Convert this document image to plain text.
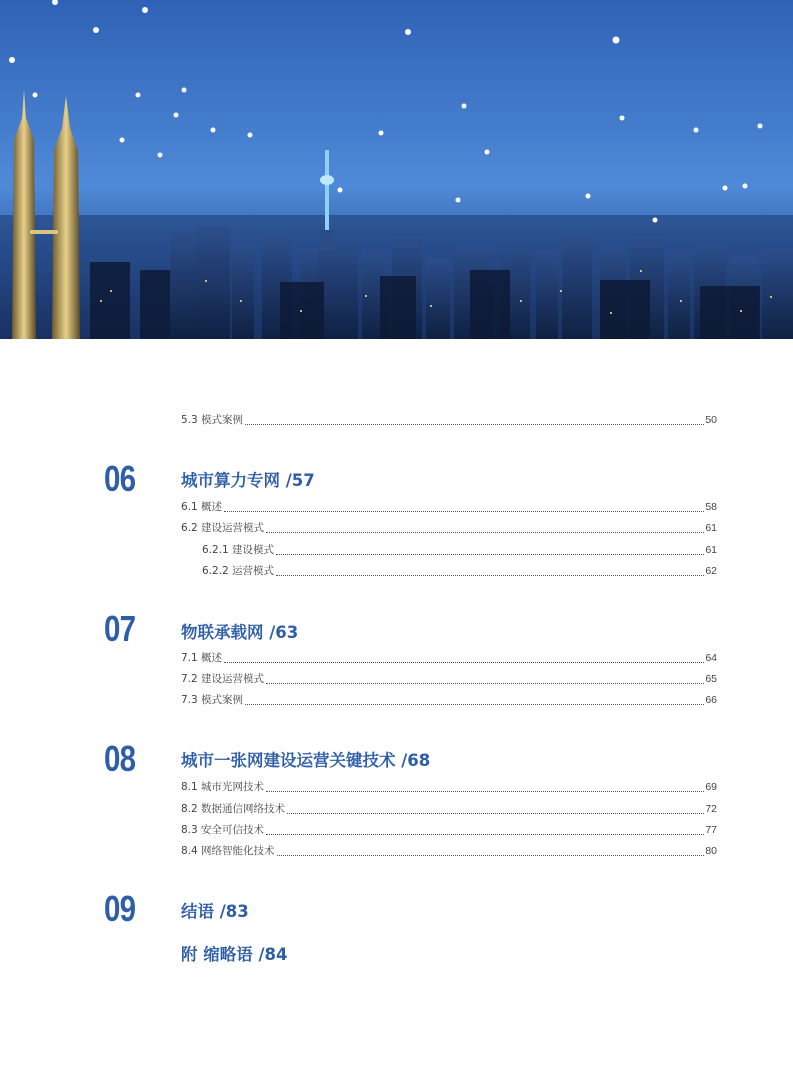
5.3 模式案例	50
06	城市算力专网 /57
6.1 概述	58
6.2 建设运营模式	61
6.2.1 建设模式	61
6.2.2 运营模式	62
07	物联承载网 /63
7.1 概述	64
7.2 建设运营模式	65
7.3 模式案例	66
08	城市一张网建设运营关键技术 /68
8.1 城市光网技术	69
8.2 数据通信网络技术	72
8.3 安全可信技术	77
8.4 网络智能化技术	80
09	结语 /83
附 缩略语 /84
